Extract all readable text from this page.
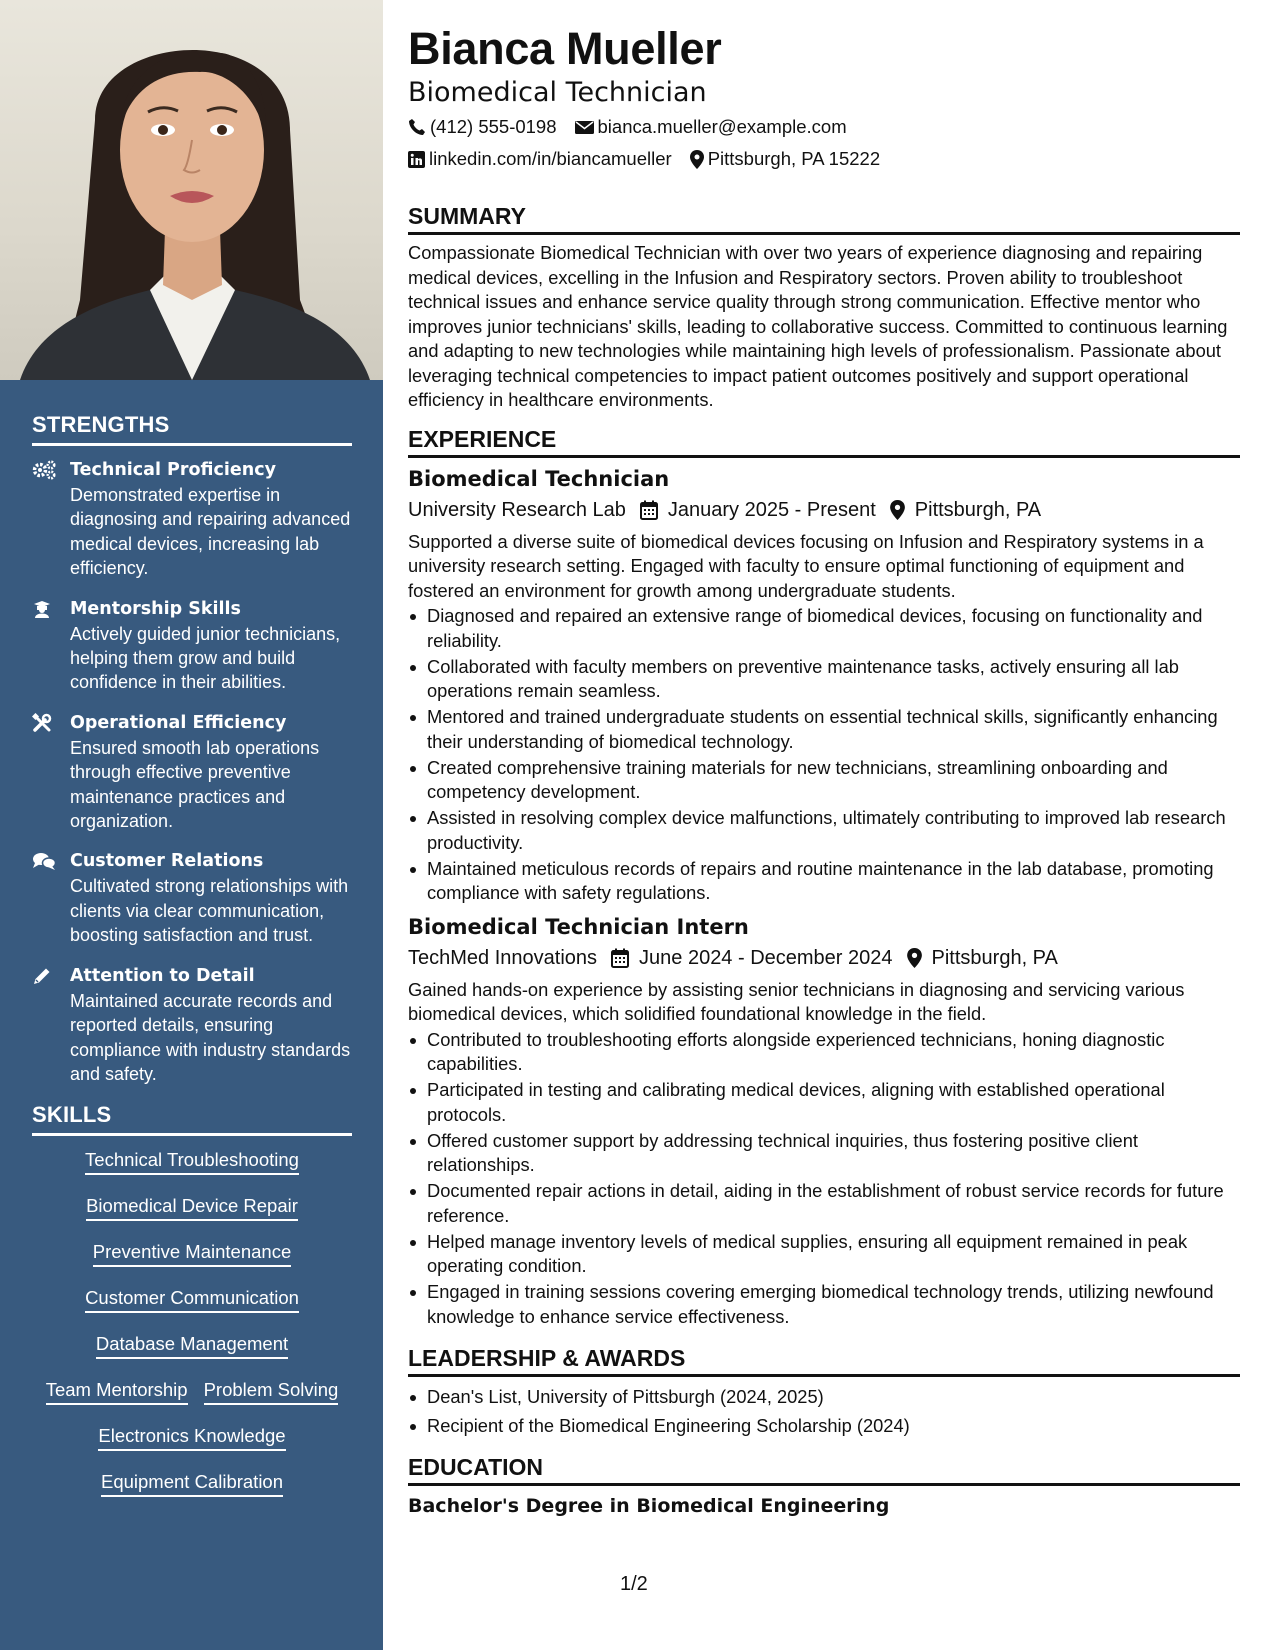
STRENGTHS
Technical Proficiency
Demonstrated expertise in diagnosing and repairing advanced medical devices, increasing lab efficiency.
Mentorship Skills
Actively guided junior technicians, helping them grow and build confidence in their abilities.
Operational Efficiency
Ensured smooth lab operations through effective preventive maintenance practices and organization.
Customer Relations
Cultivated strong relationships with clients via clear communication, boosting satisfaction and trust.
Attention to Detail
Maintained accurate records and reported details, ensuring compliance with industry standards and safety.
SKILLS
Technical Troubleshooting
Biomedical Device Repair
Preventive Maintenance
Customer Communication
Database Management
Team Mentorship Problem Solving
Electronics Knowledge
Equipment Calibration
Bianca Mueller
Biomedical Technician
(412) 555-0198 bianca.mueller@example.com
linkedin.com/in/biancamueller Pittsburgh, PA 15222
SUMMARY
Compassionate Biomedical Technician with over two years of experience diagnosing and repairing medical devices, excelling in the Infusion and Respiratory sectors. Proven ability to troubleshoot technical issues and enhance service quality through strong communication. Effective mentor who improves junior technicians' skills, leading to collaborative success. Committed to continuous learning and adapting to new technologies while maintaining high levels of professionalism. Passionate about leveraging technical competencies to impact patient outcomes positively and support operational efficiency in healthcare environments.
EXPERIENCE
Biomedical Technician
University Research Lab January 2025 - Present Pittsburgh, PA
Supported a diverse suite of biomedical devices focusing on Infusion and Respiratory systems in a university research setting. Engaged with faculty to ensure optimal functioning of equipment and fostered an environment for growth among undergraduate students.
Diagnosed and repaired an extensive range of biomedical devices, focusing on functionality and reliability.
Collaborated with faculty members on preventive maintenance tasks, actively ensuring all lab operations remain seamless.
Mentored and trained undergraduate students on essential technical skills, significantly enhancing their understanding of biomedical technology.
Created comprehensive training materials for new technicians, streamlining onboarding and competency development.
Assisted in resolving complex device malfunctions, ultimately contributing to improved lab research productivity.
Maintained meticulous records of repairs and routine maintenance in the lab database, promoting compliance with safety regulations.
Biomedical Technician Intern
TechMed Innovations June 2024 - December 2024 Pittsburgh, PA
Gained hands-on experience by assisting senior technicians in diagnosing and servicing various biomedical devices, which solidified foundational knowledge in the field.
Contributed to troubleshooting efforts alongside experienced technicians, honing diagnostic capabilities.
Participated in testing and calibrating medical devices, aligning with established operational protocols.
Offered customer support by addressing technical inquiries, thus fostering positive client relationships.
Documented repair actions in detail, aiding in the establishment of robust service records for future reference.
Helped manage inventory levels of medical supplies, ensuring all equipment remained in peak operating condition.
Engaged in training sessions covering emerging biomedical technology trends, utilizing newfound knowledge to enhance service effectiveness.
LEADERSHIP & AWARDS
Dean's List, University of Pittsburgh (2024, 2025)
Recipient of the Biomedical Engineering Scholarship (2024)
EDUCATION
Bachelor's Degree in Biomedical Engineering
1/2
